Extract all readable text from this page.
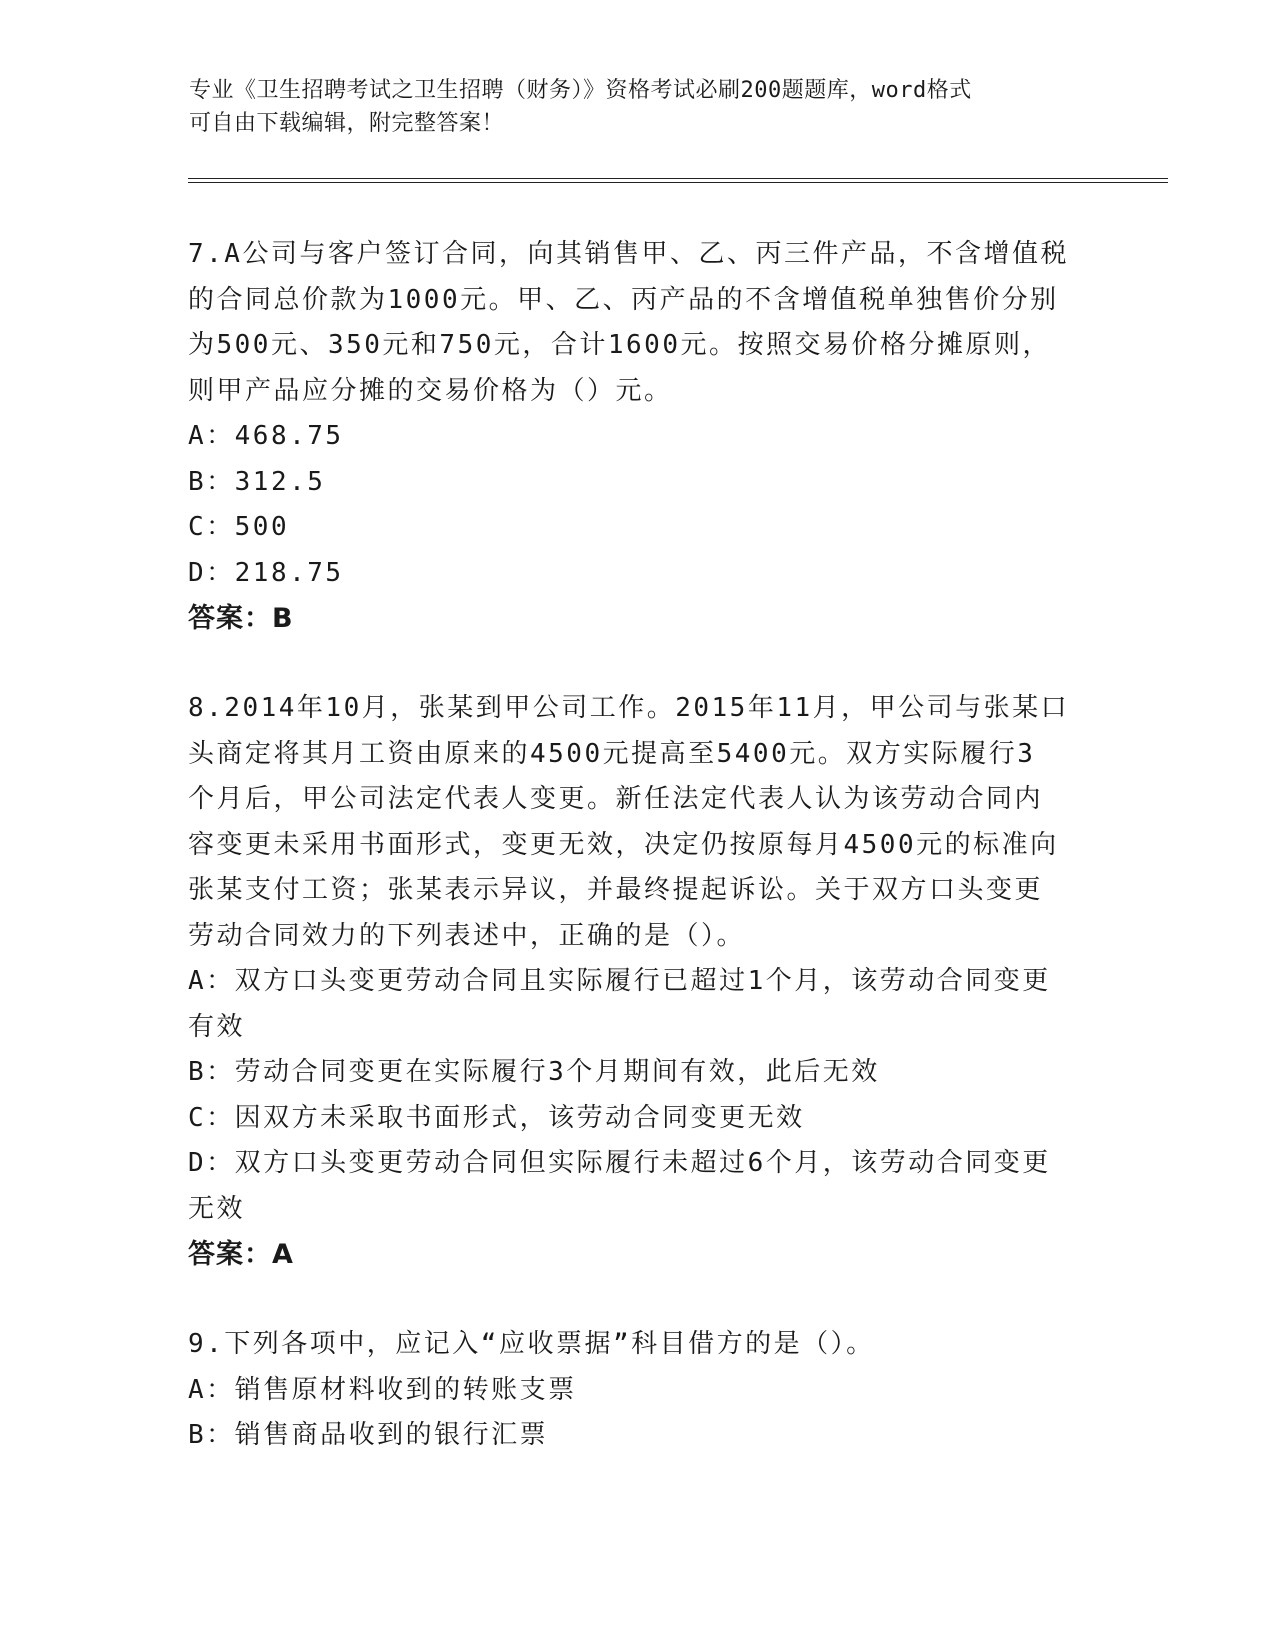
专业《卫生招聘考试之卫生招聘（财务）》资格考试必刷200题题库，word格式
可自由下载编辑，附完整答案！

7.A公司与客户签订合同，向其销售甲、乙、丙三件产品，不含增值税

的合同总价款为1000元。甲、乙、丙产品的不含增值税单独售价分别

为500元、350元和750元，合计1600元。按照交易价格分摊原则，

则甲产品应分摊的交易价格为（）元。

A：468.75

B：312.5

C：500

D：218.75

答案：B

8.2014年10月，张某到甲公司工作。2015年11月，甲公司与张某口

头商定将其月工资由原来的4500元提高至5400元。双方实际履行3

个月后，甲公司法定代表人变更。新任法定代表人认为该劳动合同内

容变更未采用书面形式，变更无效，决定仍按原每月4500元的标准向

张某支付工资；张某表示异议，并最终提起诉讼。关于双方口头变更

劳动合同效力的下列表述中，正确的是（）。

A：双方口头变更劳动合同且实际履行已超过1个月，该劳动合同变更

有效

B：劳动合同变更在实际履行3个月期间有效，此后无效

C：因双方未采取书面形式，该劳动合同变更无效

D：双方口头变更劳动合同但实际履行未超过6个月，该劳动合同变更

无效

答案：A

9.下列各项中，应记入“应收票据”科目借方的是（）。

A：销售原材料收到的转账支票

B：销售商品收到的银行汇票
